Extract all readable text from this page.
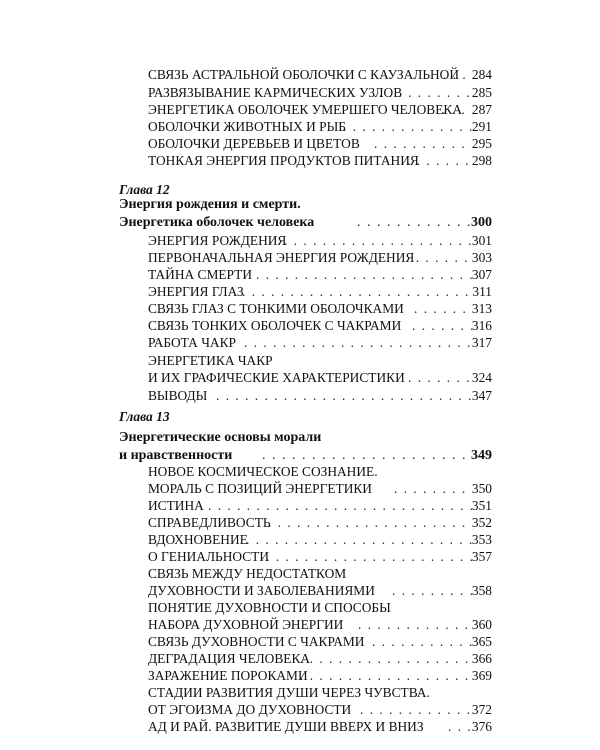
СВЯЗЬ АСТРАЛЬНОЙ ОБОЛОЧКИ С КАУЗАЛЬНОЙ . . . 284
РАЗВЯЗЫВАНИЕ КАРМИЧЕСКИХ УЗЛОВ . . .	285
ЭНЕРГЕТИКА ОБОЛОЧЕК УМЕРШЕГО ЧЕЛОВЕКА . . . 287
ОБОЛОЧКИ ЖИВОТНЫХ И РЫБ . . .	291
ОБОЛОЧКИ ДЕРЕВЬЕВ И ЦВЕТОВ . . .	295
ТОНКАЯ ЭНЕРГИЯ ПРОДУКТОВ ПИТАНИЯ . . .	298
Глава 12
Энергия рождения и смерти.
Энергетика оболочек человека . . .	300
ЭНЕРГИЯ РОЖДЕНИЯ . . .	301
ПЕРВОНАЧАЛЬНАЯ ЭНЕРГИЯ РОЖДЕНИЯ . . .	303
ТАЙНА СМЕРТИ . . .	307
ЭНЕРГИЯ ГЛАЗ . . .	311
СВЯЗЬ ГЛАЗ С ТОНКИМИ ОБОЛОЧКАМИ . . .	313
СВЯЗЬ ТОНКИХ ОБОЛОЧЕК С ЧАКРАМИ . . .	316
РАБОТА ЧАКР . . .	317
ЭНЕРГЕТИКА ЧАКР
И ИХ ГРАФИЧЕСКИЕ ХАРАКТЕРИСТИКИ . . .	324
ВЫВОДЫ . . .	347
Глава 13
Энергетические основы морали
и нравственности . . .	349
НОВОЕ КОСМИЧЕСКОЕ СОЗНАНИЕ.
МОРАЛЬ С ПОЗИЦИЙ ЭНЕРГЕТИКИ . . .	350
ИСТИНА . . .	351
СПРАВЕДЛИВОСТЬ . . .	352
ВДОХНОВЕНИЕ . . .	353
О ГЕНИАЛЬНОСТИ . . .	357
СВЯЗЬ МЕЖДУ НЕДОСТАТКОМ
ДУХОВНОСТИ И ЗАБОЛЕВАНИЯМИ . . .	358
ПОНЯТИЕ ДУХОВНОСТИ И СПОСОБЫ
НАБОРА ДУХОВНОЙ ЭНЕРГИИ . . .	360
СВЯЗЬ ДУХОВНОСТИ С ЧАКРАМИ . . .	365
ДЕГРАДАЦИЯ ЧЕЛОВЕКА . . .	366
ЗАРАЖЕНИЕ ПОРОКАМИ . . .	369
СТАДИИ РАЗВИТИЯ ДУШИ ЧЕРЕЗ ЧУВСТВА.
ОТ ЭГОИЗМА ДО ДУХОВНОСТИ . . .	372
АД И РАЙ. РАЗВИТИЕ ДУШИ ВВЕРХ И ВНИЗ . . .	376
